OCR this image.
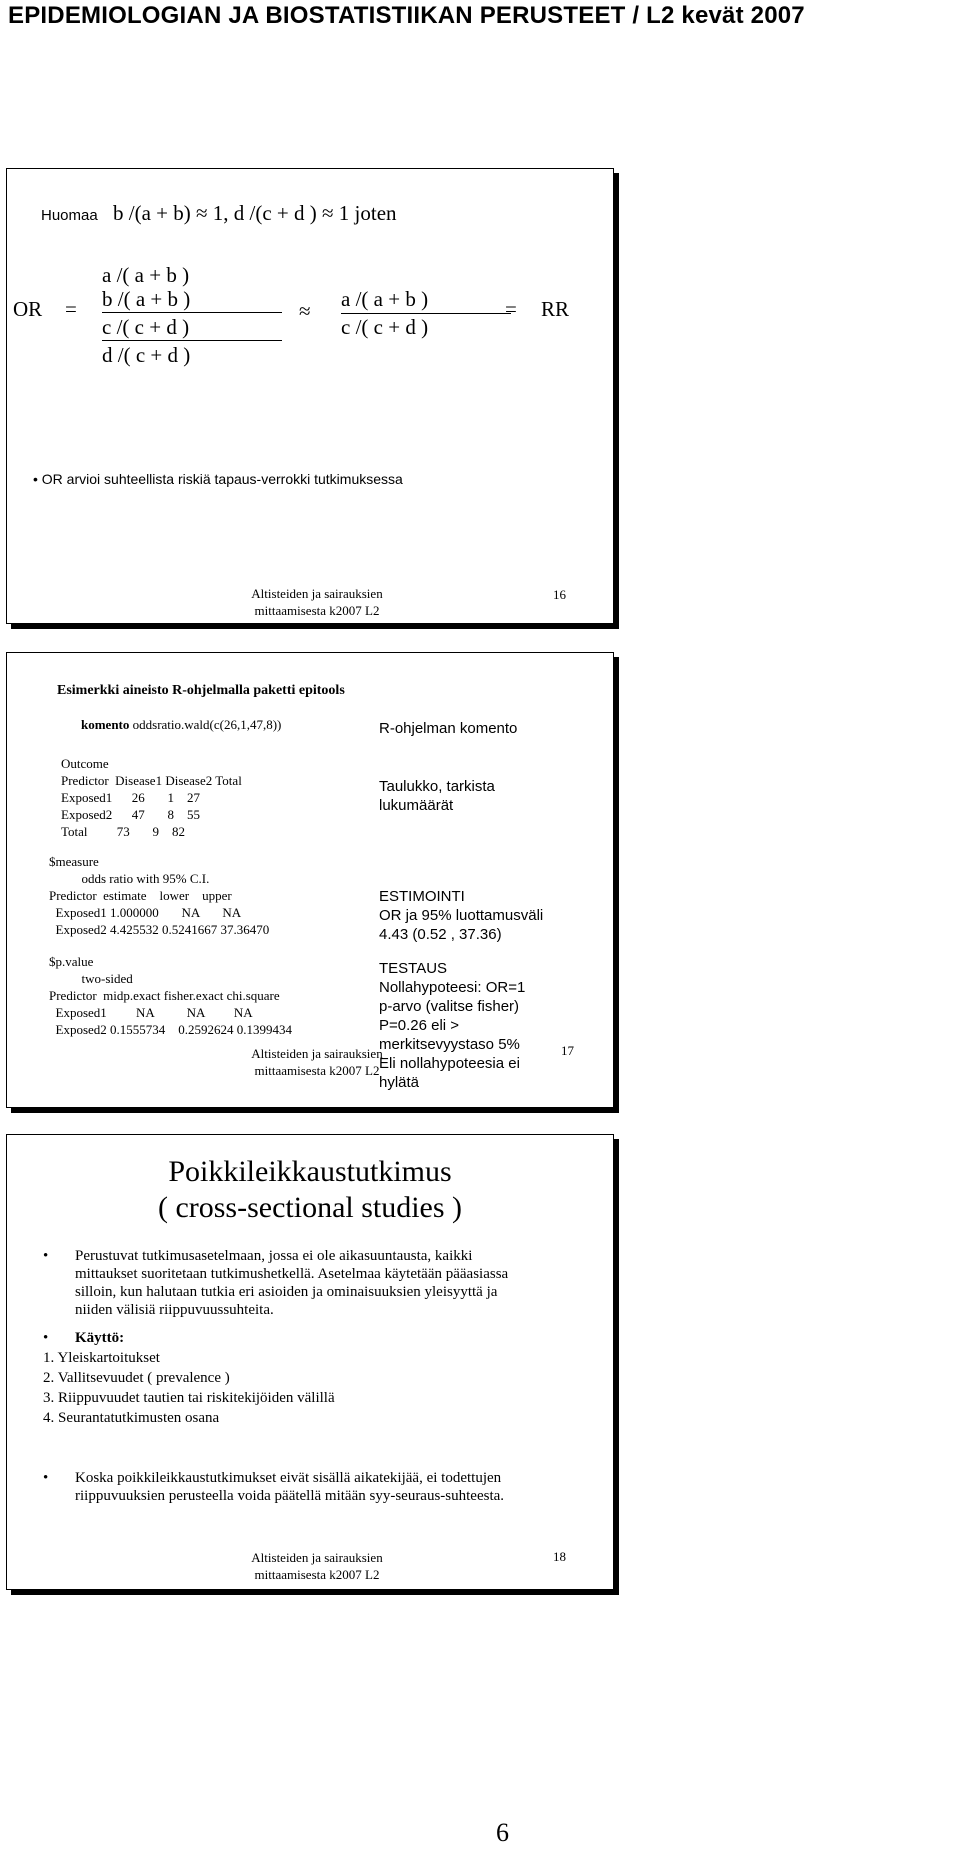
EPIDEMIOLOGIAN JA BIOSTATISTIIKAN PERUSTEET / L2 kevät 2007
Huomaa b /(a + b) ≈ 1, d /(c + d ) ≈ 1 joten
OR =
a /( a + b )
b /( a + b )
c /( c + d )
d /( c + d )
≈ a /( a + b )
c /( c + d )
= RR
• OR arvioi suhteellista riskiä tapaus-verrokki tutkimuksessa
Altisteiden ja sairauksien
mittaamisesta k2007 L2
16
Esimerkki aineisto R-ohjelmalla paketti epitools
komento oddsratio.wald(c(26,1,47,8))
Outcome
Predictor  Disease1 Disease2 Total
Exposed1      26       1    27
Exposed2      47       8    55
Total         73       9    82
$measure
odds ratio with 95% C.I.
Predictor  estimate    lower    upper
Exposed1 1.000000       NA       NA
Exposed2 4.425532 0.5241667 37.36470
$p.value
two-sided
Predictor  midp.exact fisher.exact chi.square
Exposed1         NA          NA         NA
Exposed2 0.1555734    0.2592624 0.1399434
R-ohjelman komento
Taulukko, tarkista
lukumäärät
ESTIMOINTI
OR ja 95% luottamusväli
4.43 (0.52 , 37.36)
TESTAUS
Nollahypoteesi: OR=1
p-arvo (valitse fisher)
P=0.26 eli >
merkitsevyystaso 5%
Eli nollahypoteesia ei
hylätä
Altisteiden ja sairauksien
mittaamisesta k2007 L2
17
Poikkileikkaustutkimus
( cross-sectional studies )
• Perustuvat tutkimusasetelmaan, jossa ei ole aikasuuntausta, kaikki mittaukset suoritetaan tutkimushetkellä. Asetelmaa käytetään pääasiassa silloin, kun halutaan tutkia eri asioiden ja ominaisuuksien yleisyyttä ja niiden välisiä riippuvuussuhteita.
• Käyttö:
1. Yleiskartoitukset
2. Vallitsevuudet ( prevalence )
3. Riippuvuudet tautien tai riskitekijöiden välillä
4. Seurantatutkimusten osana
• Koska poikkileikkaustutkimukset eivät sisällä aikatekijää, ei todettujen riippuvuuksien perusteella voida päätellä mitään syy-seuraus-suhteesta.
Altisteiden ja sairauksien
mittaamisesta k2007 L2
18
6
